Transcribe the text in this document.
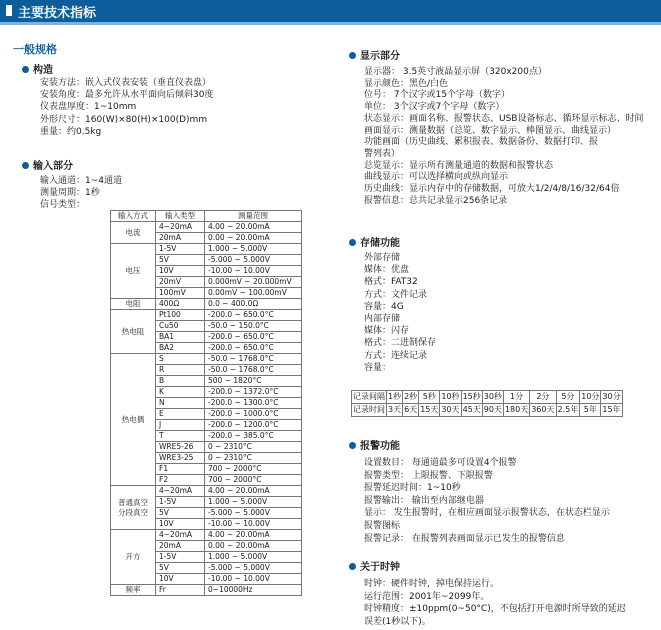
主要技术指标
一般规格
构造
安装方法：嵌入式仪表安装（垂直仪表盘）
安装角度：最多允许从水平面向后倾斜30度
仪表盘厚度：1~10mm
外形尺寸：160(W)×80(H)×100(D)mm
重量：约0.5kg
输入部分
输入通道：1~4通道
测量周期：1秒
信号类型：
输入方式	输入类型	测量范围
电流	4~20mA	4.00 ~ 20.00mA
	20mA	0.00 ~ 20.00mA
电压	1-5V	1.000 ~ 5.000V
	5V	-5.000 ~ 5.000V
	10V	-10.00 ~ 10.00V
	20mV	0.000mV ~ 20.000mV
	100mV	0.00mV ~ 100.00mV
电阻	400Ω	0.0 ~ 400.0Ω
热电阻	Pt100	-200.0 ~ 650.0°C
	Cu50	-50.0 ~ 150.0°C
	BA1	-200.0 ~ 650.0°C
	BA2	-200.0 ~ 650.0°C
热电偶	S	-50.0 ~ 1768.0°C
	R	-50.0 ~ 1768.0°C
	B	500 ~ 1820°C
	K	-200.0 ~ 1372.0°C
	N	-200.0 ~ 1300.0°C
	E	-200.0 ~ 1000.0°C
	J	-200.0 ~ 1200.0°C
	T	-200.0 ~ 385.0°C
	WRE5-26	0 ~ 2310°C
	WRE3-25	0 ~ 2310°C
	F1	700 ~ 2000°C
	F2	700 ~ 2000°C
普通真空
分段真空	4~20mA	4.00 ~ 20.00mA
	1-5V	1.000 ~ 5.000V
	5V	-5.000 ~ 5.000V
	10V	-10.00 ~ 10.00V
开方	4~20mA	4.00 ~ 20.00mA
	20mA	0.00 ~ 20.00mA
	1-5V	1.000 ~ 5.000V
	5V	-5.000 ~ 5.000V
	10V	-10.00 ~ 10.00V
频率	Fr	0~10000Hz
显示部分
显示器： 3.5英寸液晶显示屏（320x200点）
显示颜色：黑色/白色
位号： 7个汉字或15个字母（数字）
单位： 3个汉字或7个字母（数字）
状态显示：画面名称、报警状态、USB设备标志、循环显示标志、时间
画面显示：测量数据（总览、数字显示、棒图显示、曲线显示）
功能画面（历史曲线、累积报表、数据备份、数据打印、报
警列表）
总览显示：显示所有测量通道的数据和报警状态
曲线显示：可以选择横向或纵向显示
历史曲线：显示内存中的存储数据，可放大1/2/4/8/16/32/64倍
报警信息：总共记录显示256条记录
存储功能
外部存储
媒体：优盘
格式：FAT32
方式：文件记录
容量：4G
内部存储
媒体：闪存
格式：二进制保存
方式：连续记录
容量：
记录间隔	1秒	2秒	5秒	10秒	15秒	30秒	1分	2分	5分	10分	30分
记录时间	3天	6天	15天	30天	45天	90天	180天	360天	2.5年	5年	15年
报警功能
设置数目： 每通道最多可设置4个报警
报警类型： 上限报警、下限报警
报警延迟时间：1~10秒
报警输出： 输出至内部继电器
显示： 发生报警时，在相应画面显示报警状态，在状态栏显示
报警图标
报警记录： 在报警列表画面显示已发生的报警信息
关于时钟
时钟：硬件时钟，掉电保持运行。
运行范围：2001年~2099年。
时钟精度：±10ppm(0~50°C)，不包括打开电源时所导致的延迟
误差(1秒以下)。
